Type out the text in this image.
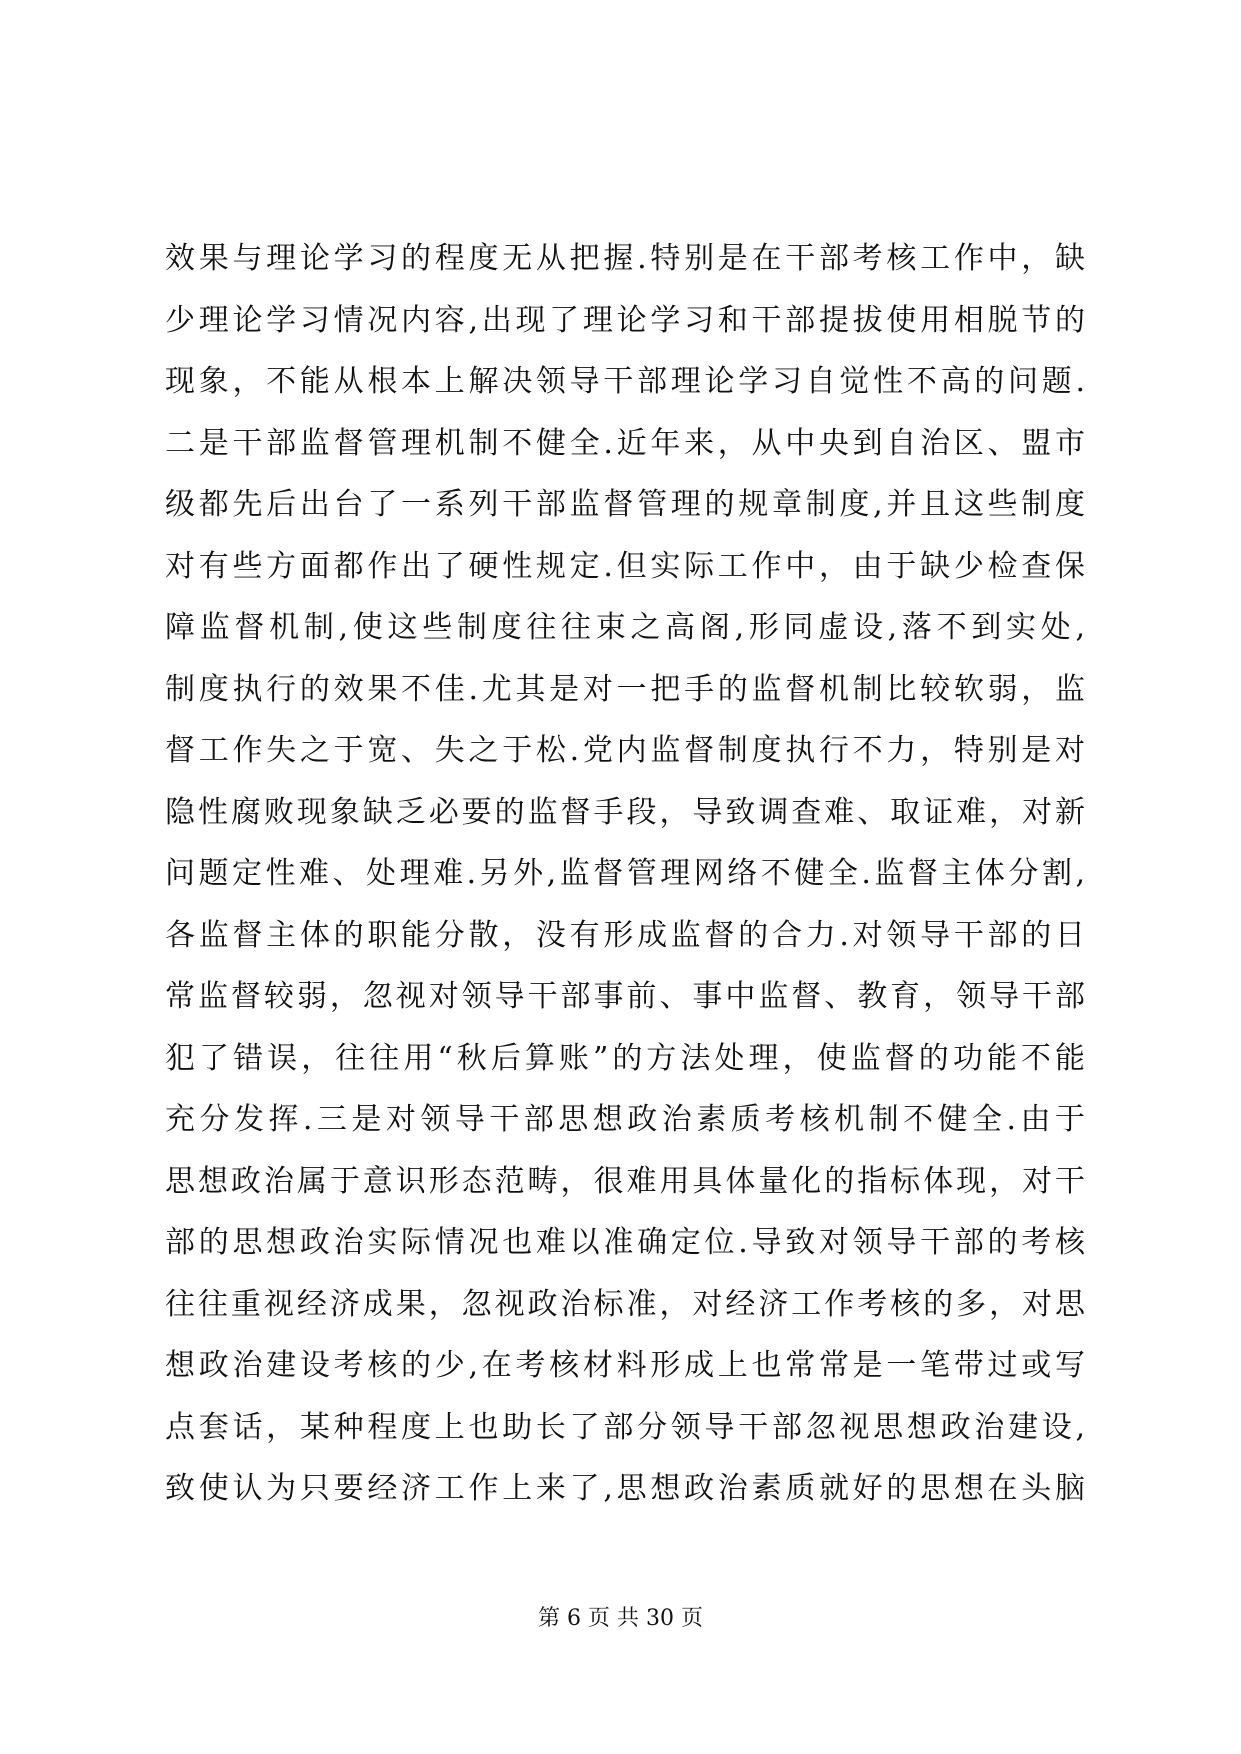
效果与理论学习的程度无从把握.特别是在干部考核工作中，缺
少理论学习情况内容,出现了理论学习和干部提拔使用相脱节的
现象，不能从根本上解决领导干部理论学习自觉性不高的问题.
二是干部监督管理机制不健全.近年来，从中央到自治区、盟市
级都先后出台了一系列干部监督管理的规章制度,并且这些制度
对有些方面都作出了硬性规定.但实际工作中，由于缺少检查保
障监督机制,使这些制度往往束之高阁,形同虚设,落不到实处,
制度执行的效果不佳.尤其是对一把手的监督机制比较软弱，监
督工作失之于宽、失之于松.党内监督制度执行不力，特别是对
隐性腐败现象缺乏必要的监督手段，导致调查难、取证难，对新
问题定性难、处理难.另外,监督管理网络不健全.监督主体分割,
各监督主体的职能分散，没有形成监督的合力.对领导干部的日
常监督较弱，忽视对领导干部事前、事中监督、教育，领导干部
犯了错误，往往用“秋后算账”的方法处理，使监督的功能不能
充分发挥.三是对领导干部思想政治素质考核机制不健全.由于
思想政治属于意识形态范畴，很难用具体量化的指标体现，对干
部的思想政治实际情况也难以准确定位.导致对领导干部的考核
往往重视经济成果，忽视政治标准，对经济工作考核的多，对思
想政治建设考核的少,在考核材料形成上也常常是一笔带过或写
点套话，某种程度上也助长了部分领导干部忽视思想政治建设,
致使认为只要经济工作上来了,思想政治素质就好的思想在头脑
第 6 页 共 30 页
